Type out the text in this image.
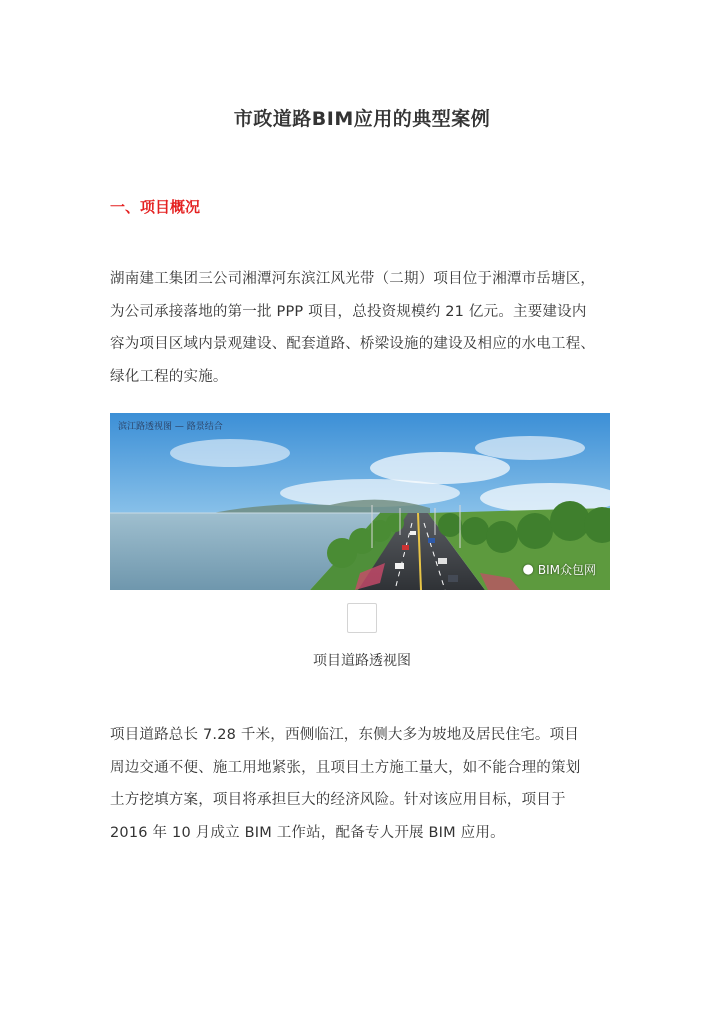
市政道路BIM应用的典型案例
一、项目概况

湖南建工集团三公司湘潭河东滨江风光带（二期）项目位于湘潭市岳塘区，
为公司承接落地的第一批 PPP 项目，总投资规模约 21 亿元。主要建设内
容为项目区域内景观建设、配套道路、桥梁设施的建设及相应的水电工程、
绿化工程的实施。

滨江路透视图 — 路景结合
● BIM众包网
项目道路透视图

项目道路总长 7.28 千米，西侧临江，东侧大多为坡地及居民住宅。项目
周边交通不便、施工用地紧张，且项目土方施工量大，如不能合理的策划
土方挖填方案，项目将承担巨大的经济风险。针对该应用目标，项目于
2016 年 10 月成立 BIM 工作站，配备专人开展 BIM 应用。
